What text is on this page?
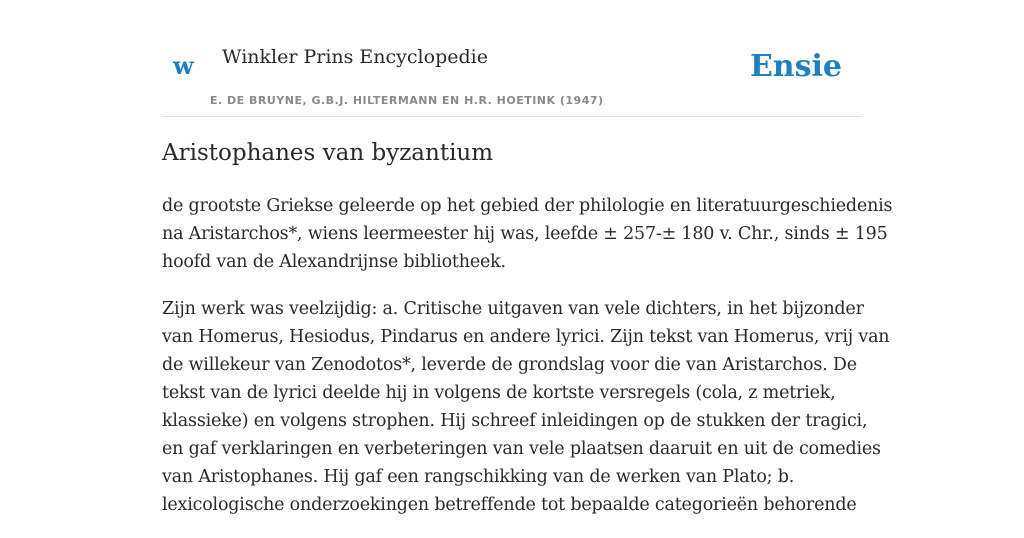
w Winkler Prins Encyclopedie
E. DE BRUYNE, G.B.J. HILTERMANN EN H.R. HOETINK (1947)
Ensie
Aristophanes van byzantium

de grootste Griekse geleerde op het gebied der philologie en literatuurgeschiedenis
na Aristarchos*, wiens leermeester hij was, leefde ± 257-± 180 v. Chr., sinds ± 195
hoofd van de Alexandrijnse bibliotheek.

Zijn werk was veelzijdig: a. Critische uitgaven van vele dichters, in het bijzonder
van Homerus, Hesiodus, Pindarus en andere lyrici. Zijn tekst van Homerus, vrij van
de willekeur van Zenodotos*, leverde de grondslag voor die van Aristarchos. De
tekst van de lyrici deelde hij in volgens de kortste versregels (cola, z metriek,
klassieke) en volgens strophen. Hij schreef inleidingen op de stukken der tragici,
en gaf verklaringen en verbeteringen van vele plaatsen daaruit en uit de comedies
van Aristophanes. Hij gaf een rangschikking van de werken van Plato; b.
lexicologische onderzoekingen betreffende tot bepaalde categorieën behorende
